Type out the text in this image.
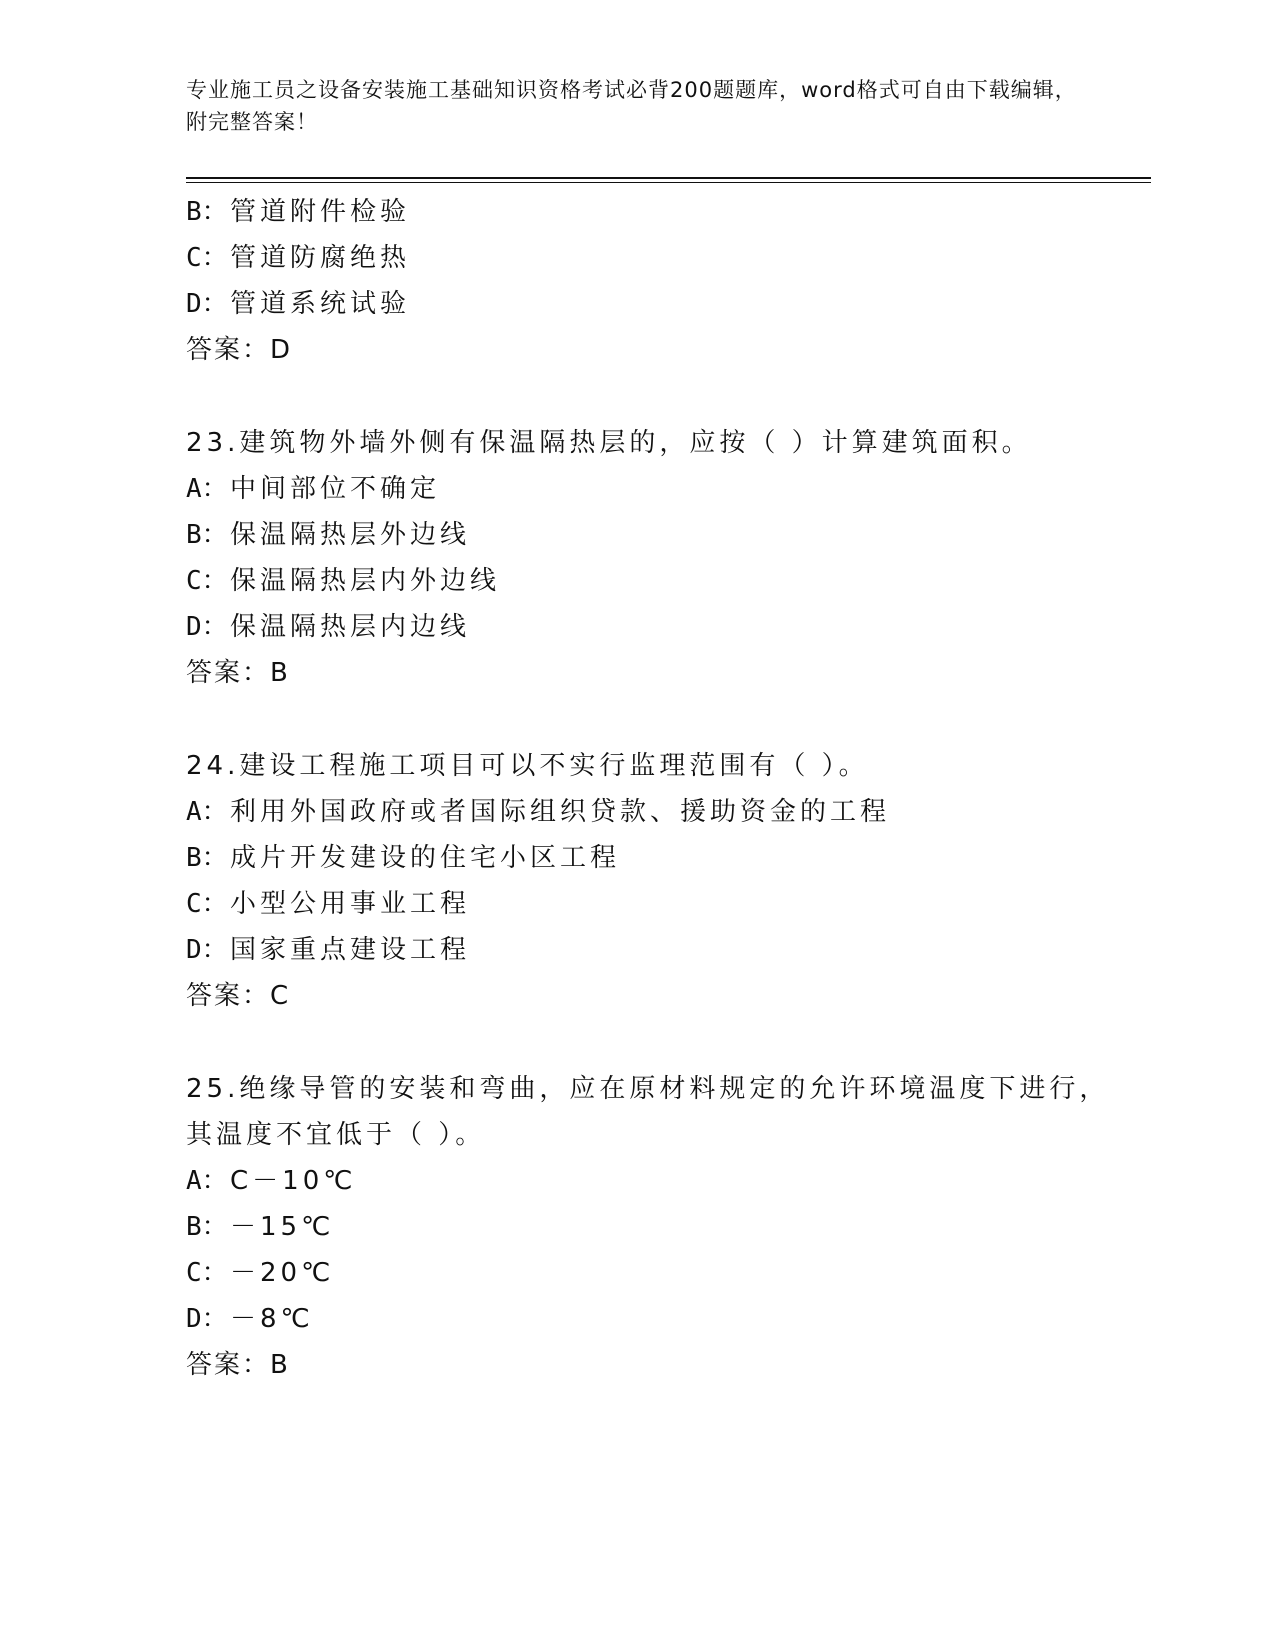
专业施工员之设备安装施工基础知识资格考试必背200题题库，word格式可自由下载编辑，附完整答案！
B：管道附件检验
C：管道防腐绝热
D：管道系统试验
答案：D
23.建筑物外墙外侧有保温隔热层的，应按（ ）计算建筑面积。
A：中间部位不确定
B：保温隔热层外边线
C：保温隔热层内外边线
D：保温隔热层内边线
答案：B
24.建设工程施工项目可以不实行监理范围有（ ）。
A：利用外国政府或者国际组织贷款、援助资金的工程
B：成片开发建设的住宅小区工程
C：小型公用事业工程
D：国家重点建设工程
答案：C
25.绝缘导管的安装和弯曲，应在原材料规定的允许环境温度下进行，
其温度不宜低于（ ）。
A：C－10℃
B：－15℃
C：－20℃
D：－8℃
答案：B
